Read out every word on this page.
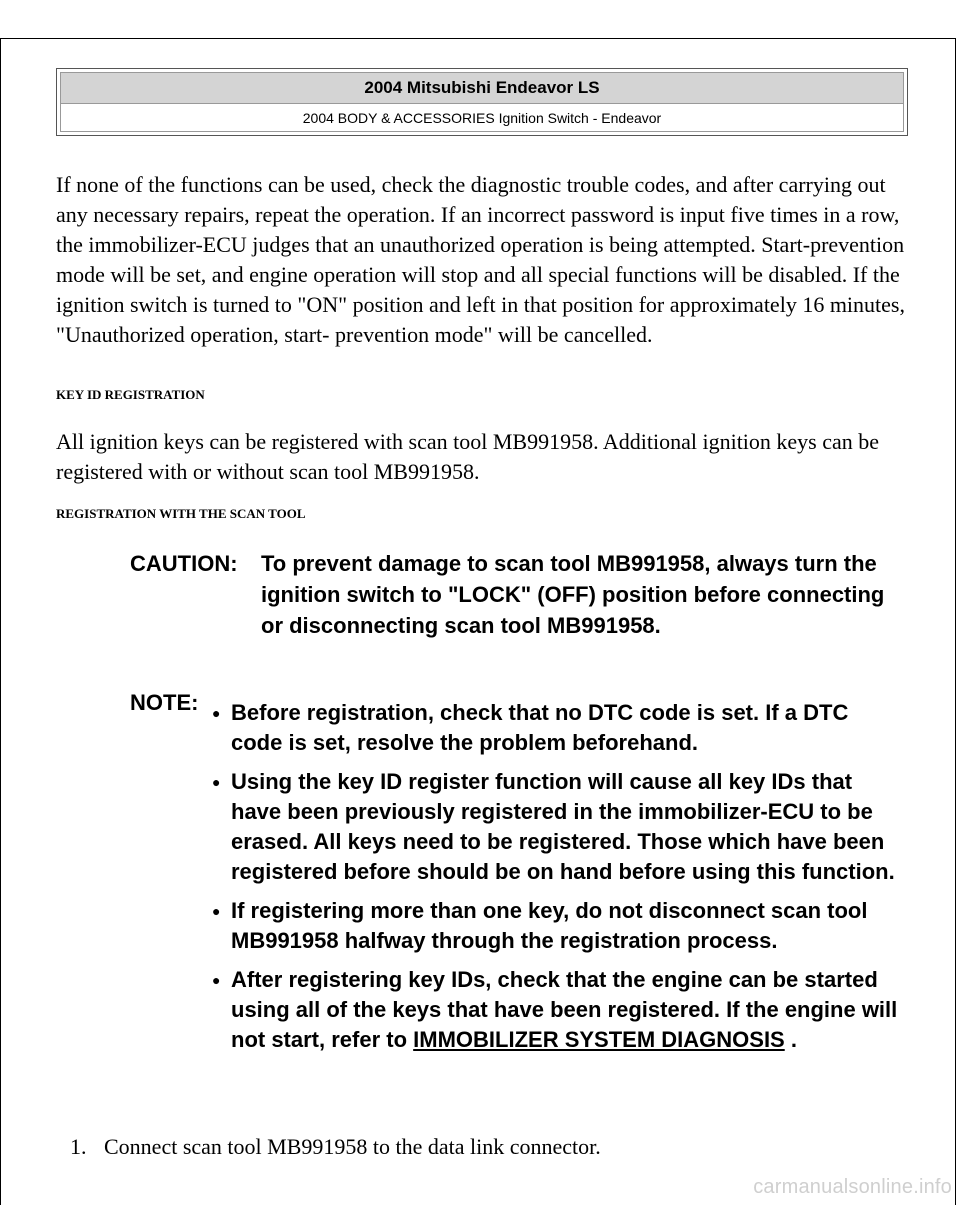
2004 Mitsubishi Endeavor LS
2004 BODY & ACCESSORIES Ignition Switch - Endeavor

If none of the functions can be used, check the diagnostic trouble codes, and after carrying out any necessary repairs, repeat the operation. If an incorrect password is input five times in a row, the immobilizer-ECU judges that an unauthorized operation is being attempted. Start-prevention mode will be set, and engine operation will stop and all special functions will be disabled. If the ignition switch is turned to "ON" position and left in that position for approximately 16 minutes, "Unauthorized operation, start- prevention mode" will be cancelled.

KEY ID REGISTRATION

All ignition keys can be registered with scan tool MB991958. Additional ignition keys can be registered with or without scan tool MB991958.

REGISTRATION WITH THE SCAN TOOL
CAUTION:	To prevent damage to scan tool MB991958, always turn the ignition switch to "LOCK" (OFF) position before connecting or disconnecting scan tool MB991958.
NOTE: ● Before registration, check that no DTC code is set. If a DTC code is set, resolve the problem beforehand.
● Using the key ID register function will cause all key IDs that have been previously registered in the immobilizer-ECU to be erased. All keys need to be registered. Those which have been registered before should be on hand before using this function.
● If registering more than one key, do not disconnect scan tool MB991958 halfway through the registration process.
● After registering key IDs, check that the engine can be started using all of the keys that have been registered. If the engine will not start, refer to IMMOBILIZER SYSTEM DIAGNOSIS .
1. Connect scan tool MB991958 to the data link connector.
carmanualsonline.info
